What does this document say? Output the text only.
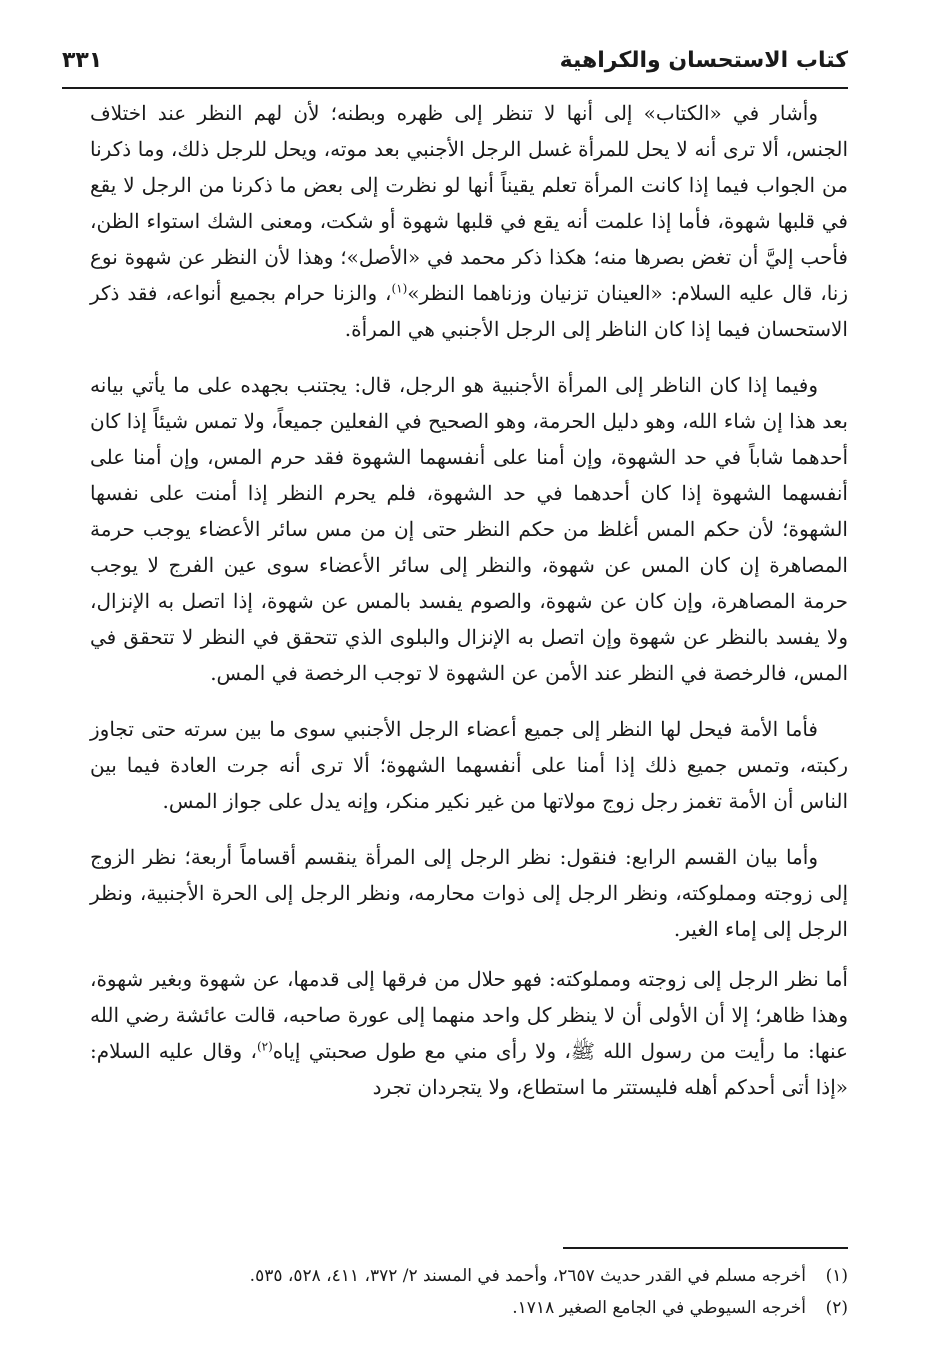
كتاب الاستحسان والكراهية
٣٣١

وأشار في «الكتاب» إلى أنها لا تنظر إلى ظهره وبطنه؛ لأن لهم النظر عند اختلاف الجنس، ألا ترى أنه لا يحل للمرأة غسل الرجل الأجنبي بعد موته، ويحل للرجل ذلك، وما ذكرنا من الجواب فيما إذا كانت المرأة تعلم يقيناً أنها لو نظرت إلى بعض ما ذكرنا من الرجل لا يقع في قلبها شهوة، فأما إذا علمت أنه يقع في قلبها شهوة أو شكت، ومعنى الشك استواء الظن، فأحب إليَّ أن تغض بصرها منه؛ هكذا ذكر محمد في «الأصل»؛ وهذا لأن النظر عن شهوة نوع زنا، قال عليه السلام: «العينان تزنيان وزناهما النظر»$^{(١)}$، والزنا حرام بجميع أنواعه، فقد ذكر الاستحسان فيما إذا كان الناظر إلى الرجل الأجنبي هي المرأة.

وفيما إذا كان الناظر إلى المرأة الأجنبية هو الرجل، قال: يجتنب بجهده على ما يأتي بيانه بعد هذا إن شاء الله، وهو دليل الحرمة، وهو الصحيح في الفعلين جميعاً، ولا تمس شيئاً إذا كان أحدهما شاباً في حد الشهوة، وإن أمنا على أنفسهما الشهوة فقد حرم المس، وإن أمنا على أنفسهما الشهوة إذا كان أحدهما في حد الشهوة، فلم يحرم النظر إذا أمنت على نفسها الشهوة؛ لأن حكم المس أغلظ من حكم النظر حتى إن من مس سائر الأعضاء يوجب حرمة المصاهرة إن كان المس عن شهوة، والنظر إلى سائر الأعضاء سوى عين الفرج لا يوجب حرمة المصاهرة، وإن كان عن شهوة، والصوم يفسد بالمس عن شهوة، إذا اتصل به الإنزال، ولا يفسد بالنظر عن شهوة وإن اتصل به الإنزال والبلوى الذي تتحقق في النظر لا تتحقق في المس، فالرخصة في النظر عند الأمن عن الشهوة لا توجب الرخصة في المس.

فأما الأمة فيحل لها النظر إلى جميع أعضاء الرجل الأجنبي سوى ما بين سرته حتى تجاوز ركبته، وتمس جميع ذلك إذا أمنا على أنفسهما الشهوة؛ ألا ترى أنه جرت العادة فيما بين الناس أن الأمة تغمز رجل زوج مولاتها من غير نكير منكر، وإنه يدل على جواز المس.

وأما بيان القسم الرابع: فنقول: نظر الرجل إلى المرأة ينقسم أقساماً أربعة؛ نظر الزوج إلى زوجته ومملوكته، ونظر الرجل إلى ذوات محارمه، ونظر الرجل إلى الحرة الأجنبية، ونظر الرجل إلى إماء الغير.

أما نظر الرجل إلى زوجته ومملوكته: فهو حلال من فرقها إلى قدمها، عن شهوة وبغير شهوة، وهذا ظاهر؛ إلا أن الأولى أن لا ينظر كل واحد منهما إلى عورة صاحبه، قالت عائشة رضي الله عنها: ما رأيت من رسول الله ﷺ، ولا رأى مني مع طول صحبتي إياه$^{(٢)}$، وقال عليه السلام: «إذا أتى أحدكم أهله فليستتر ما استطاع، ولا يتجردان تجرد

(١)
أخرجه مسلم في القدر حديث ٢٦٥٧، وأحمد في المسند ٢/ ٣٧٢، ٤١١، ٥٢٨، ٥٣٥.
(٢)
أخرجه السيوطي في الجامع الصغير ١٧١٨.
